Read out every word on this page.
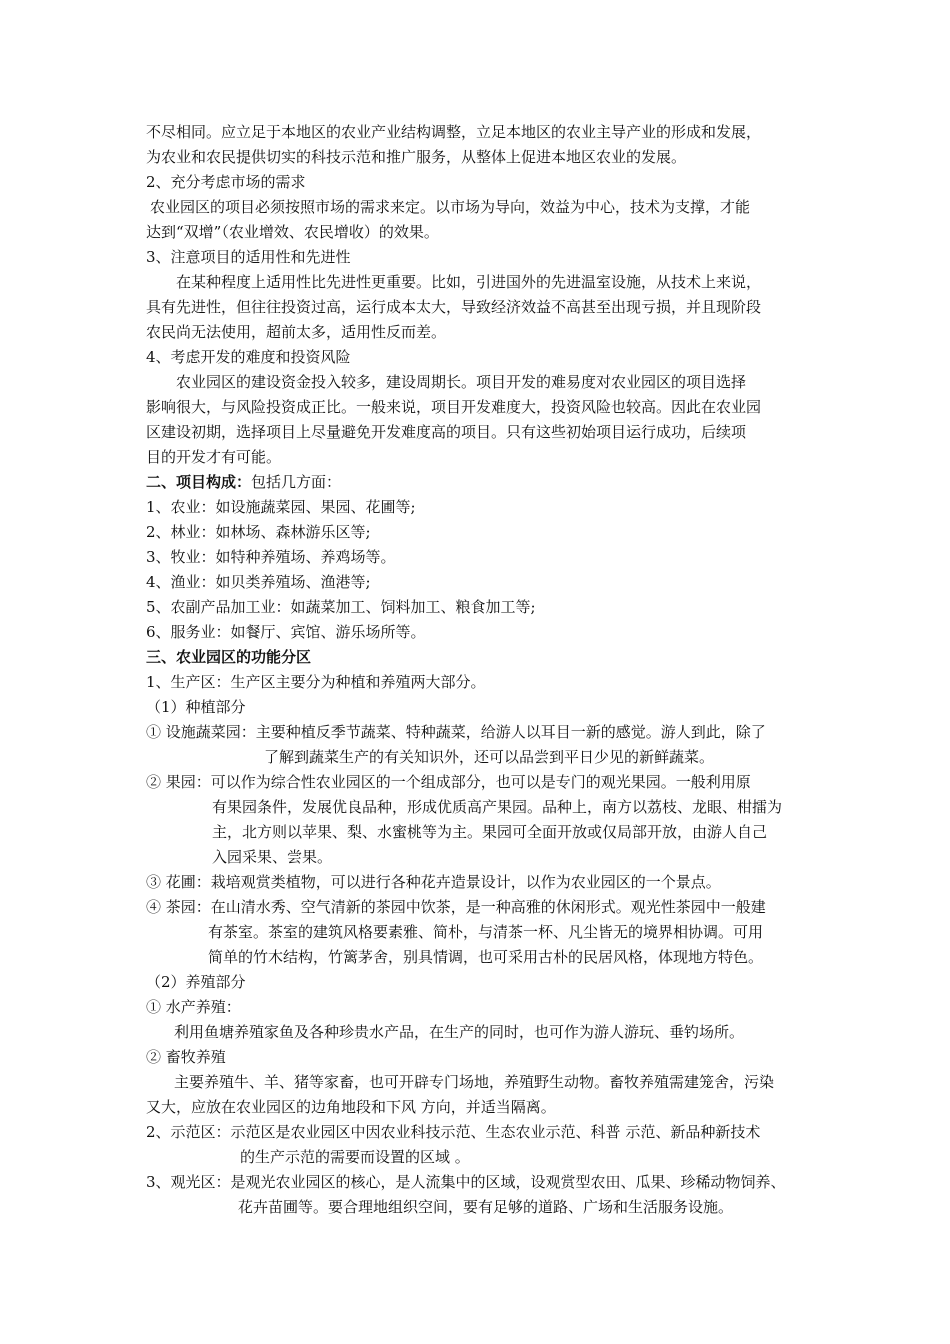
不尽相同。应立足于本地区的农业产业结构调整，立足本地区的农业主导产业的形成和发展，
为农业和农民提供切实的科技示范和推广服务，从整体上促进本地区农业的发展。
2、充分考虑市场的需求
农业园区的项目必须按照市场的需求来定。以市场为导向，效益为中心，技术为支撑，才能
达到“双增”（农业增效、农民增收）的效果。
3、注意项目的适用性和先进性
在某种程度上适用性比先进性更重要。比如，引进国外的先进温室设施，从技术上来说，
具有先进性，但往往投资过高，运行成本太大，导致经济效益不高甚至出现亏损，并且现阶段
农民尚无法使用，超前太多，适用性反而差。
4、考虑开发的难度和投资风险
农业园区的建设资金投入较多，建设周期长。项目开发的难易度对农业园区的项目选择
影响很大，与风险投资成正比。一般来说，项目开发难度大，投资风险也较高。因此在农业园
区建设初期，选择项目上尽量避免开发难度高的项目。只有这些初始项目运行成功，后续项
目的开发才有可能。
二、项目构成：包括几方面：
1、农业：如设施蔬菜园、果园、花圃等;
2、林业：如林场、森林游乐区等;
3、牧业：如特种养殖场、养鸡场等。
4、渔业：如贝类养殖场、渔港等;
5、农副产品加工业：如蔬菜加工、饲料加工、粮食加工等;
6、服务业：如餐厅、宾馆、游乐场所等。
三、农业园区的功能分区
1、生产区：生产区主要分为种植和养殖两大部分。
（1）种植部分
① 设施蔬菜园：主要种植反季节蔬菜、特种蔬菜，给游人以耳目一新的感觉。游人到此，除了
了解到蔬菜生产的有关知识外，还可以品尝到平日少见的新鲜蔬菜。
② 果园：可以作为综合性农业园区的一个组成部分，也可以是专门的观光果园。一般利用原
有果园条件，发展优良品种，形成优质高产果园。品种上，南方以荔枝、龙眼、柑擂为
主，北方则以苹果、梨、水蜜桃等为主。果园可全面开放或仅局部开放，由游人自己
入园采果、尝果。
③ 花圃：栽培观赏类植物，可以进行各种花卉造景设计，以作为农业园区的一个景点。
④ 茶园：在山清水秀、空气清新的茶园中饮茶，是一种高雅的休闲形式。观光性茶园中一般建
有茶室。茶室的建筑风格要素雅、简朴，与清茶一杯、凡尘皆无的境界相协调。可用
简单的竹木结构，竹篱茅舍，别具情调，也可采用古朴的民居风格，体现地方特色。
（2）养殖部分
① 水产养殖：
利用鱼塘养殖家鱼及各种珍贵水产品，在生产的同时，也可作为游人游玩、垂钓场所。
② 畜牧养殖
主要养殖牛、羊、猪等家畜，也可开辟专门场地，养殖野生动物。畜牧养殖需建笼舍，污染
又大，应放在农业园区的边角地段和下风 方向，并适当隔离。
2、示范区：示范区是农业园区中因农业科技示范、生态农业示范、科普 示范、新品种新技术
的生产示范的需要而设置的区域 。
3、观光区：是观光农业园区的核心，是人流集中的区域，设观赏型农田、瓜果、珍稀动物饲养、
花卉苗圃等。要合理地组织空间，要有足够的道路、广场和生活服务设施。
